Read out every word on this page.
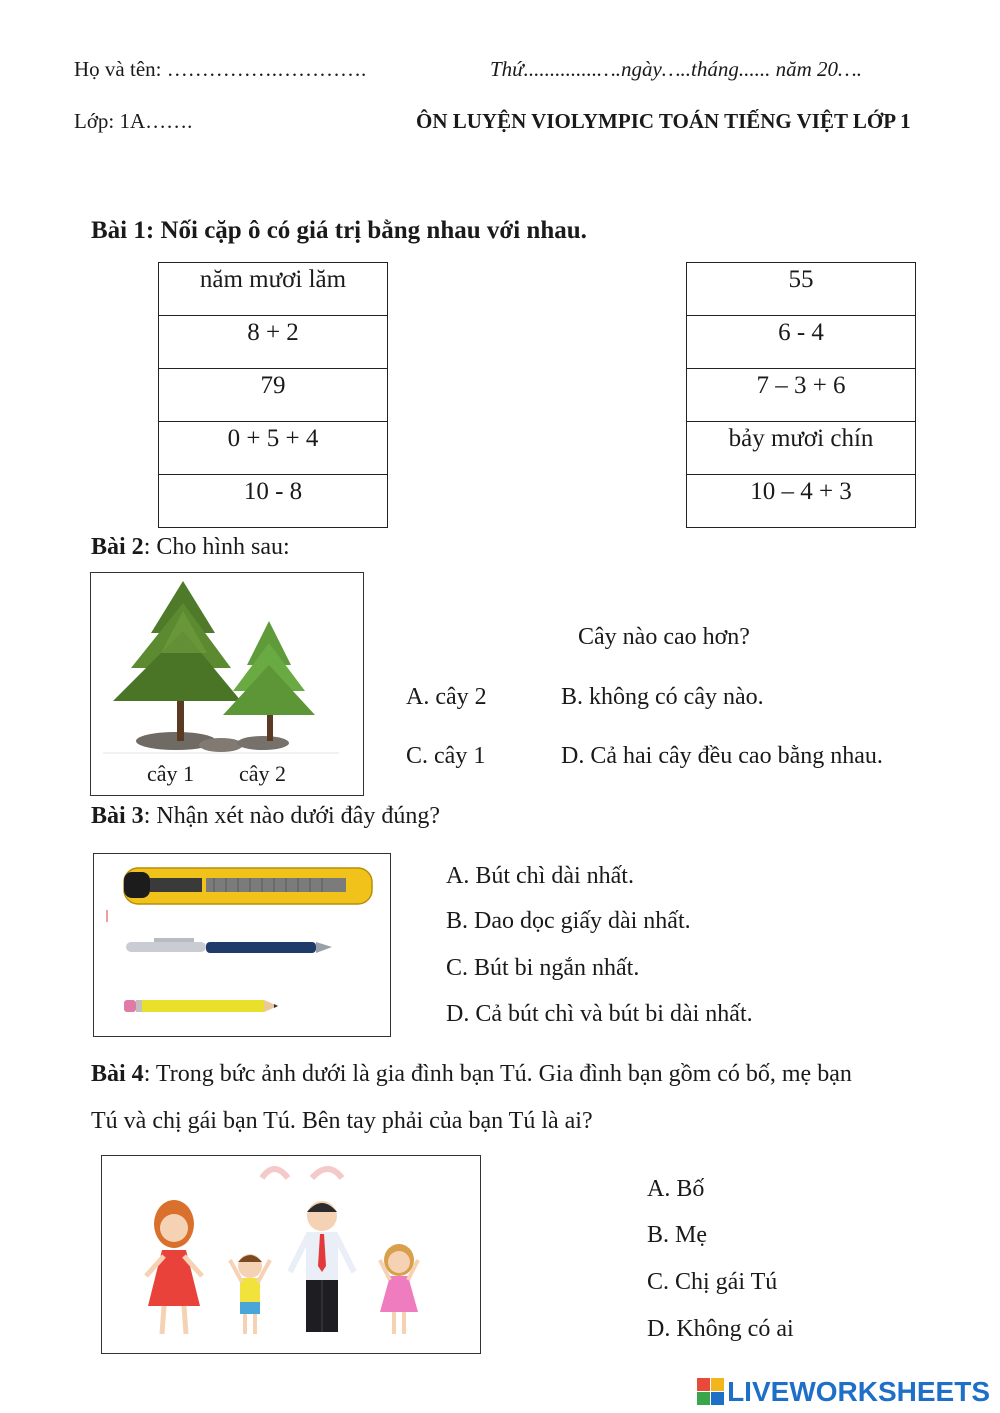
Họ và tên: …………….………….	Thứ..............….ngày…..tháng...... năm 20….
Lớp: 1A…….	ÔN LUYỆN VIOLYMPIC TOÁN TIẾNG VIỆT LỚP 1
Bài 1: Nối cặp ô có giá trị bằng nhau với nhau.
năm mươi lăm
8 + 2
79
0 + 5 + 4
10 - 8
55
6 - 4
7 – 3 + 6
bảy mươi chín
10 – 4 + 3
Bài 2: Cho hình sau:
cây 1 cây 2
Cây nào cao hơn?
A. cây 2	B. không có cây nào.
C. cây 1	D. Cả hai cây đều cao bằng nhau.
Bài 3: Nhận xét nào dưới đây đúng?
A. Bút chì dài nhất.
B. Dao dọc giấy dài nhất.
C. Bút bi ngắn nhất.
D. Cả bút chì và bút bi dài nhất.
Bài 4: Trong bức ảnh dưới là gia đình bạn Tú. Gia đình bạn gồm có bố, mẹ bạn
Tú và chị gái bạn Tú. Bên tay phải của bạn Tú là ai?
A. Bố
B. Mẹ
C. Chị gái Tú
D. Không có ai
LIVEWORKSHEETS
